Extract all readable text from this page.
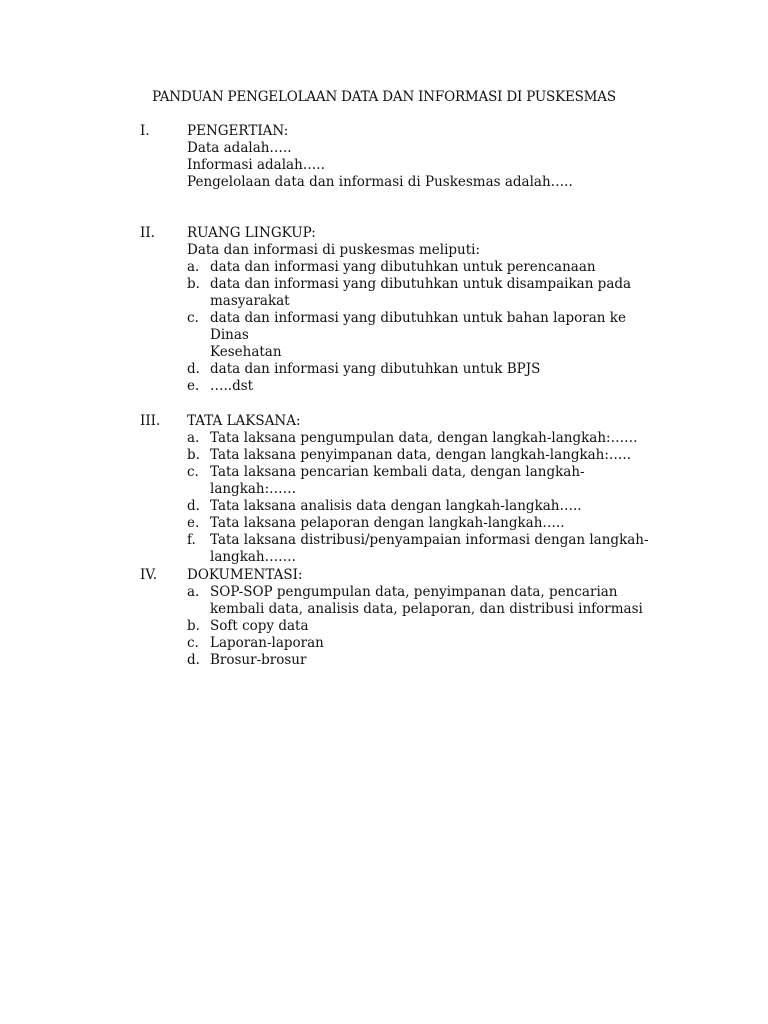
PANDUAN PENGELOLAAN DATA DAN INFORMASI DI PUSKESMAS
I.	PENGERTIAN:
Data adalah…..
Informasi adalah…..
Pengelolaan data dan informasi di Puskesmas adalah…..
II. RUANG LINGKUP:
Data dan informasi di puskesmas meliputi:
a. data dan informasi yang dibutuhkan untuk perencanaan
b. data dan informasi yang dibutuhkan untuk disampaikan pada
masyarakat
c. data dan informasi yang dibutuhkan untuk bahan laporan ke Dinas
Kesehatan
d. data dan informasi yang dibutuhkan untuk BPJS
e. …..dst
III. TATA LAKSANA:
a. Tata laksana pengumpulan data, dengan langkah-langkah:……
b. Tata laksana penyimpanan data, dengan langkah-langkah:…..
c. Tata laksana pencarian kembali data, dengan langkah-langkah:……
d. Tata laksana analisis data dengan langkah-langkah…..
e. Tata laksana pelaporan dengan langkah-langkah…..
f.	Tata laksana distribusi/penyampaian informasi dengan langkah-
langkah…….
IV. DOKUMENTASI:
a. SOP-SOP pengumpulan data, penyimpanan data, pencarian
kembali data, analisis data, pelaporan, dan distribusi informasi
b. Soft copy data
c. Laporan-laporan
d. Brosur-brosur
